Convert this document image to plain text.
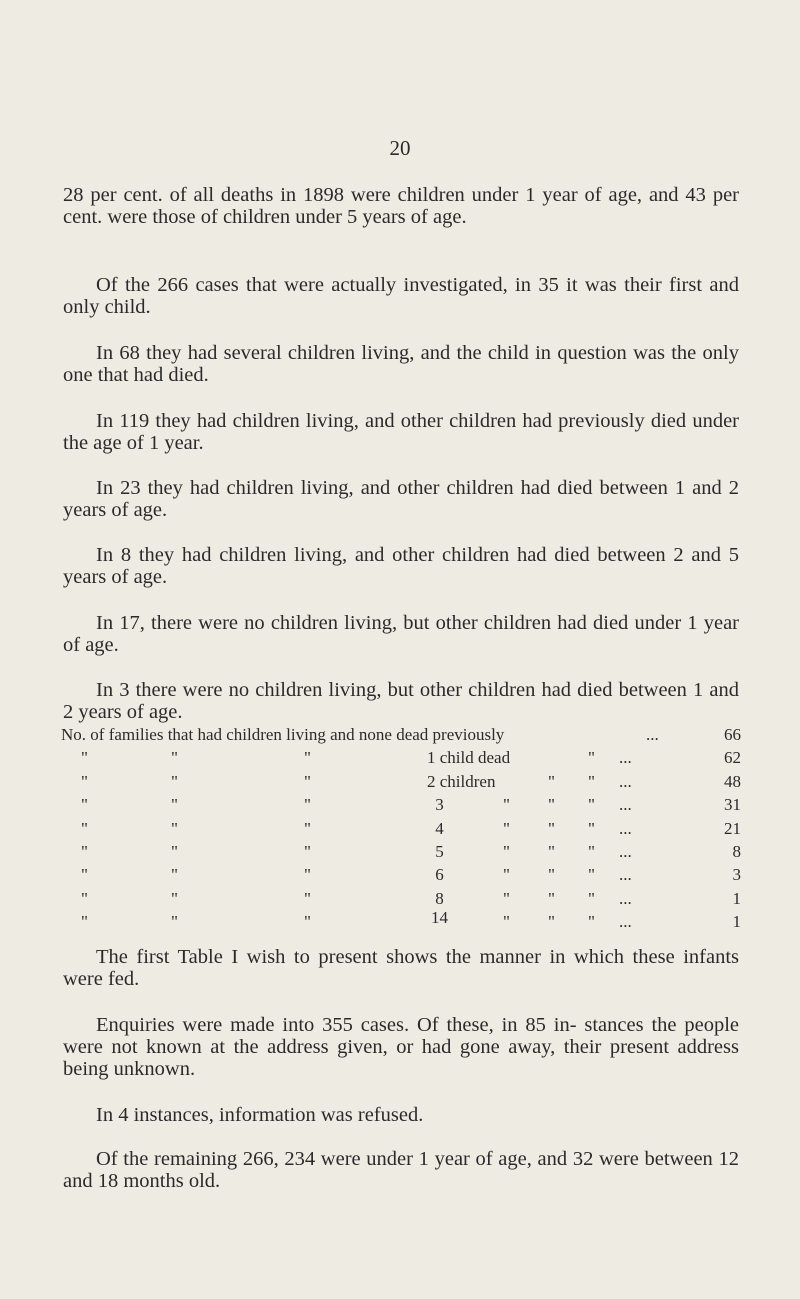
20

28 per cent. of all deaths in 1898 were children under 1 year of age, and 43 per cent. were those of children under 5 years of age.

Of the 266 cases that were actually investigated, in 35 it was their first and only child.

In 68 they had several children living, and the child in question was the only one that had died.

In 119 they had children living, and other children had previously died under the age of 1 year.

In 23 they had children living, and other children had died between 1 and 2 years of age.

In 8 they had children living, and other children had died between 2 and 5 years of age.

In 17, there were no children living, but other children had died under 1 year of age.

In 3 there were no children living, but other children had died between 1 and 2 years of age.

No. of families that had children living and none dead previously	...	66
"	"	"	1 child dead	" ...	62
"	"	"	2 children	" " ...	48
"	"	"	3	" " " ...	31
"	"	"	4	" " " ...	21
"	"	"	5	" " " ...	8
"	"	"	6	" " " ...	3
"	"	"	8	" " " ...	1
"	"	"	14	" " " ...	1

The first Table I wish to present shows the manner in which these infants were fed.

Enquiries were made into 355 cases. Of these, in 85 in- stances the people were not known at the address given, or had gone away, their present address being unknown.

In 4 instances, information was refused.

Of the remaining 266, 234 were under 1 year of age, and 32 were between 12 and 18 months old.
